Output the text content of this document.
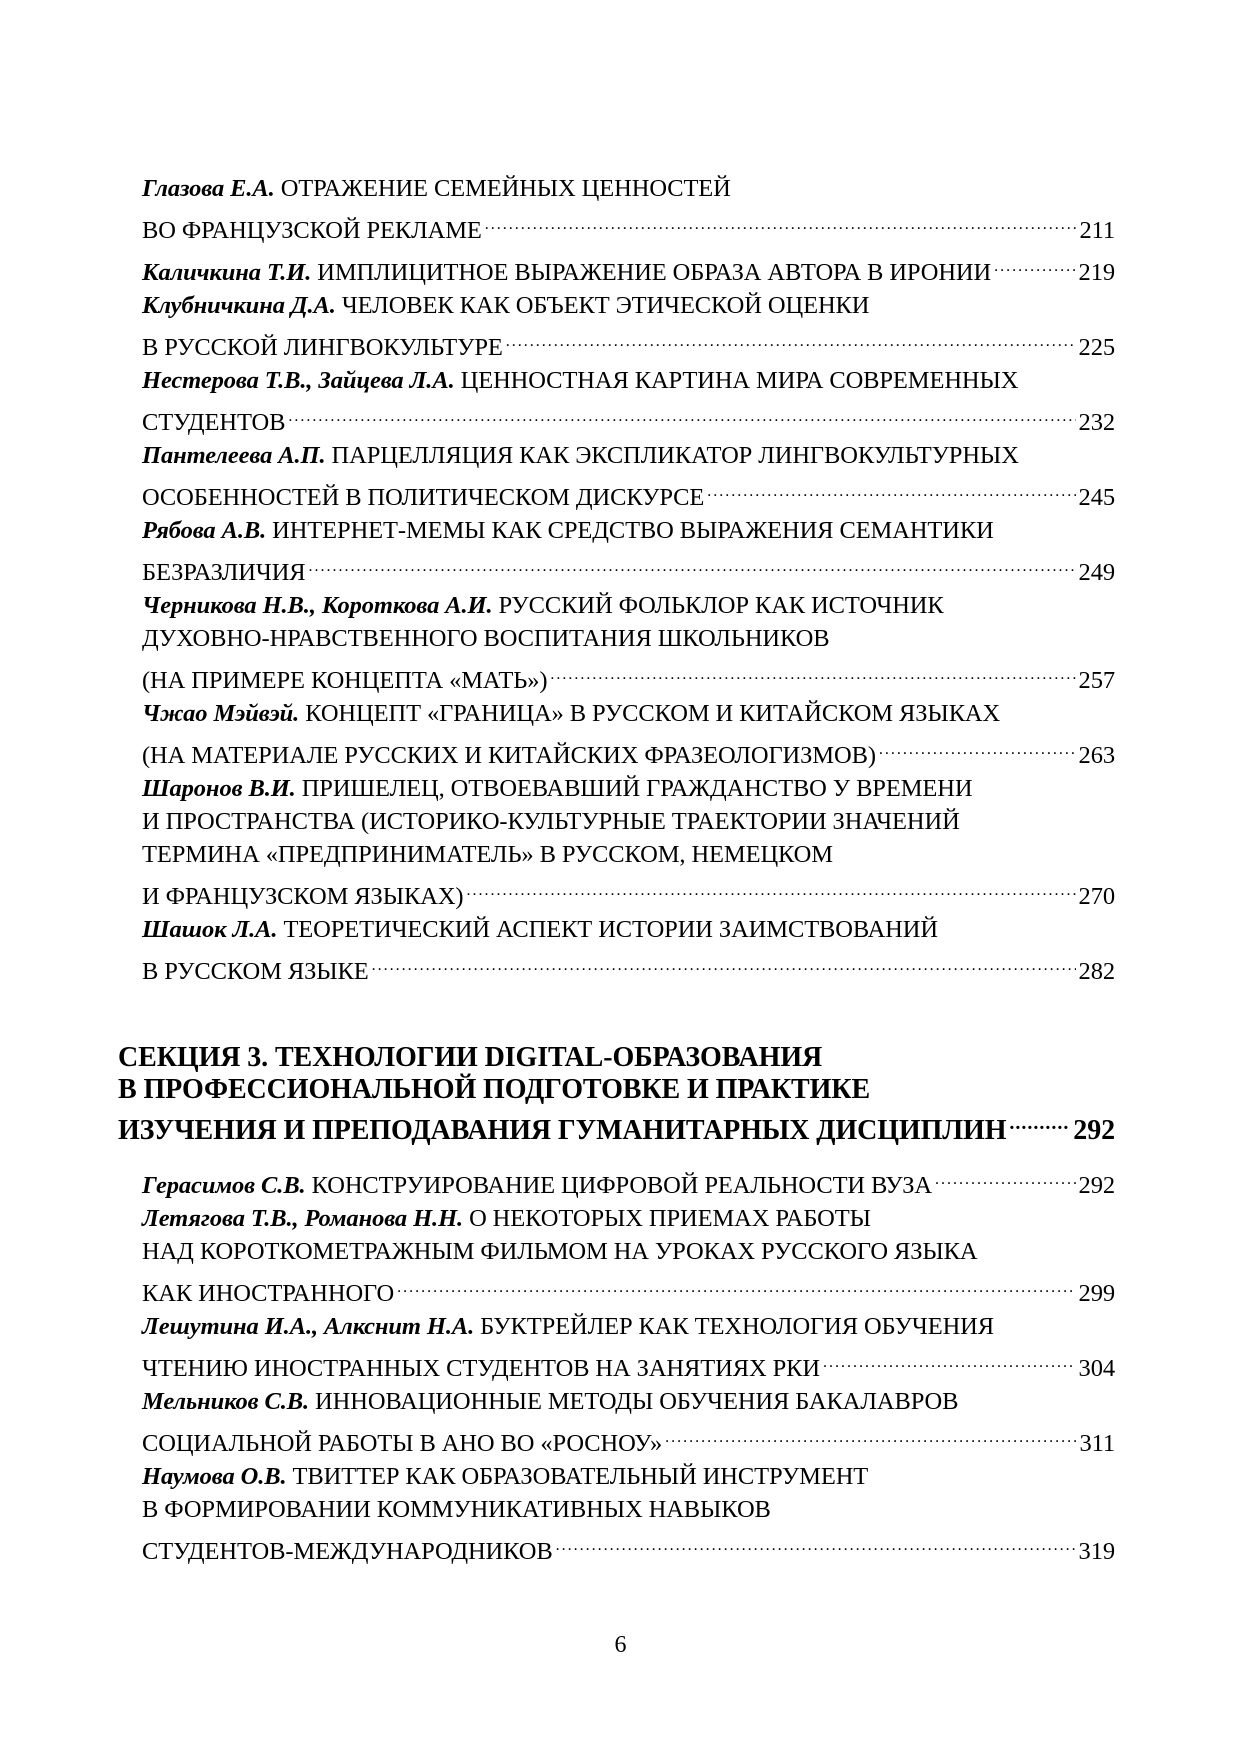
Глазова Е.А. ОТРАЖЕНИЕ СЕМЕЙНЫХ ЦЕННОСТЕЙ
ВО ФРАНЦУЗСКОЙ РЕКЛАМЕ .....	211
Каличкина Т.И. ИМПЛИЦИТНОЕ ВЫРАЖЕНИЕ ОБРАЗА АВТОРА В ИРОНИИ .....	219
Клубничкина Д.А. ЧЕЛОВЕК КАК ОБЪЕКТ ЭТИЧЕСКОЙ ОЦЕНКИ
В РУССКОЙ ЛИНГВОКУЛЬТУРЕ .....	225
Нестерова Т.В., Зайцева Л.А. ЦЕННОСТНАЯ КАРТИНА МИРА СОВРЕМЕННЫХ
СТУДЕНТОВ .....	232
Пантелеева А.П. ПАРЦЕЛЛЯЦИЯ КАК ЭКСПЛИКАТОР ЛИНГВОКУЛЬТУРНЫХ
ОСОБЕННОСТЕЙ В ПОЛИТИЧЕСКОМ ДИСКУРСЕ .....	245
Рябова А.В. ИНТЕРНЕТ-МЕМЫ КАК СРЕДСТВО ВЫРАЖЕНИЯ СЕМАНТИКИ
БЕЗРАЗЛИЧИЯ .....	249
Черникова Н.В., Короткова А.И. РУССКИЙ ФОЛЬКЛОР КАК ИСТОЧНИК
ДУХОВНО-НРАВСТВЕННОГО ВОСПИТАНИЯ ШКОЛЬНИКОВ
(НА ПРИМЕРЕ КОНЦЕПТА «МАТЬ») .....	257
Чжао Мэйвэй. КОНЦЕПТ «ГРАНИЦА» В РУССКОМ И КИТАЙСКОМ ЯЗЫКАХ
(НА МАТЕРИАЛЕ РУССКИХ И КИТАЙСКИХ ФРАЗЕОЛОГИЗМОВ) .....	263
Шаронов В.И. ПРИШЕЛЕЦ, ОТВОЕВАВШИЙ ГРАЖДАНСТВО У ВРЕМЕНИ
И ПРОСТРАНСТВА (ИСТОРИКО-КУЛЬТУРНЫЕ ТРАЕКТОРИИ ЗНАЧЕНИЙ
ТЕРМИНА «ПРЕДПРИНИМАТЕЛЬ» В РУССКОМ, НЕМЕЦКОМ
И ФРАНЦУЗСКОМ ЯЗЫКАХ) .....	270
Шашок Л.А. ТЕОРЕТИЧЕСКИЙ АСПЕКТ ИСТОРИИ ЗАИМСТВОВАНИЙ
В РУССКОМ ЯЗЫКЕ .....	282
СЕКЦИЯ 3. ТЕХНОЛОГИИ DIGITAL-ОБРАЗОВАНИЯ
В ПРОФЕССИОНАЛЬНОЙ ПОДГОТОВКЕ И ПРАКТИКЕ
ИЗУЧЕНИЯ И ПРЕПОДАВАНИЯ ГУМАНИТАРНЫХ ДИСЦИПЛИН ..... 292
Герасимов С.В. КОНСТРУИРОВАНИЕ ЦИФРОВОЙ РЕАЛЬНОСТИ ВУЗА .....	292
Летягова Т.В., Романова Н.Н. О НЕКОТОРЫХ ПРИЕМАХ РАБОТЫ
НАД КОРОТКОМЕТРАЖНЫМ ФИЛЬМОМ НА УРОКАХ РУССКОГО ЯЗЫКА
КАК ИНОСТРАННОГО .....	299
Лешутина И.А., Алкснит Н.А. БУКТРЕЙЛЕР КАК ТЕХНОЛОГИЯ ОБУЧЕНИЯ
ЧТЕНИЮ ИНОСТРАННЫХ СТУДЕНТОВ НА ЗАНЯТИЯХ РКИ .....	304
Мельников С.В. ИННОВАЦИОННЫЕ МЕТОДЫ ОБУЧЕНИЯ БАКАЛАВРОВ
СОЦИАЛЬНОЙ РАБОТЫ В АНО ВО «РОСНОУ» .....	311
Наумова О.В. ТВИТТЕР КАК ОБРАЗОВАТЕЛЬНЫЙ ИНСТРУМЕНТ
В ФОРМИРОВАНИИ КОММУНИКАТИВНЫХ НАВЫКОВ
СТУДЕНТОВ-МЕЖДУНАРОДНИКОВ .....	319
6
